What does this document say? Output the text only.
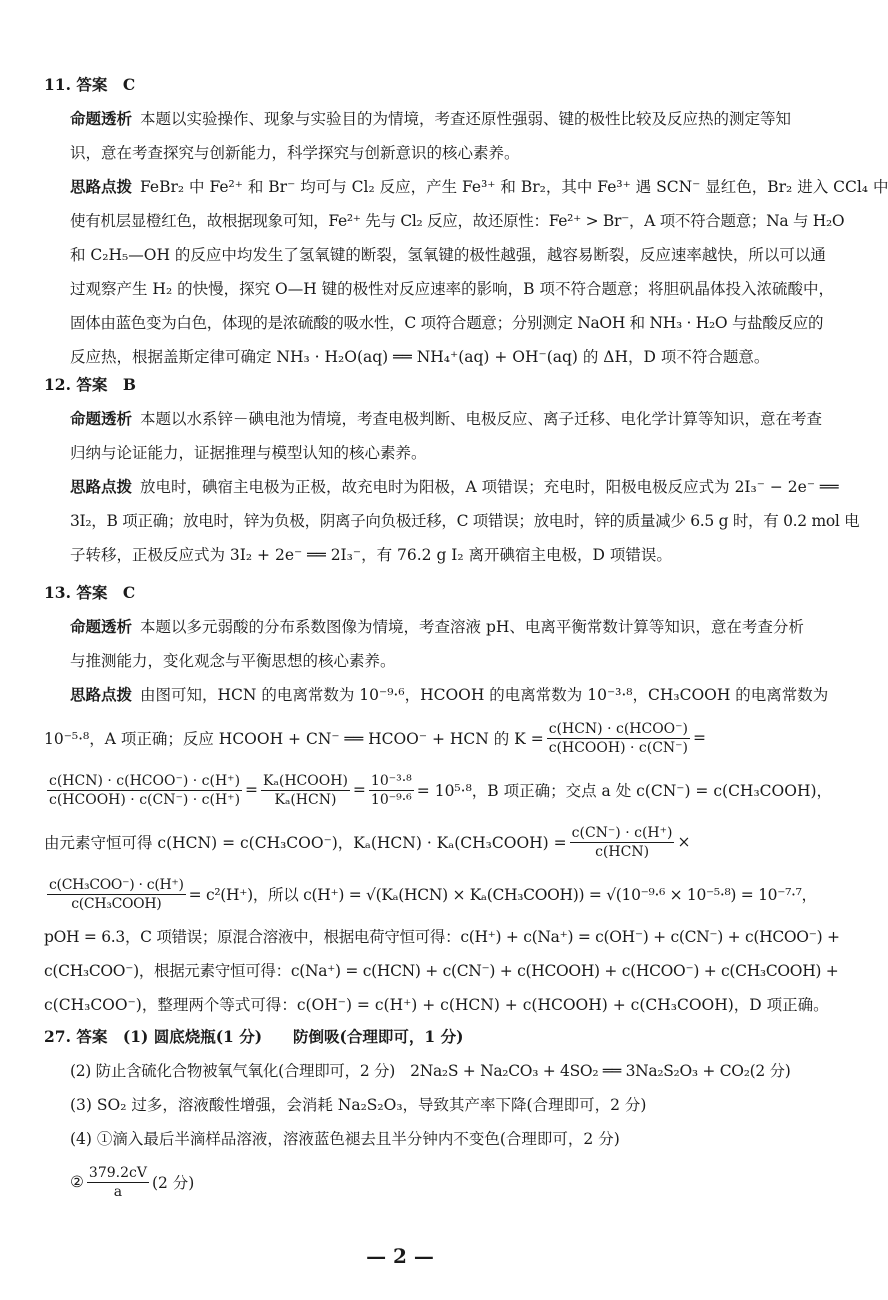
11. 答案　C
命题透析 本题以实验操作、现象与实验目的为情境，考查还原性强弱、键的极性比较及反应热的测定等知
识，意在考查探究与创新能力，科学探究与创新意识的核心素养。
思路点拨 FeBr₂ 中 Fe²⁺ 和 Br⁻ 均可与 Cl₂ 反应，产生 Fe³⁺ 和 Br₂，其中 Fe³⁺ 遇 SCN⁻ 显红色，Br₂ 进入 CCl₄ 中
使有机层显橙红色，故根据现象可知，Fe²⁺ 先与 Cl₂ 反应，故还原性：Fe²⁺ > Br⁻，A 项不符合题意；Na 与 H₂O
和 C₂H₅—OH 的反应中均发生了氢氧键的断裂，氢氧键的极性越强，越容易断裂，反应速率越快，所以可以通
过观察产生 H₂ 的快慢，探究 O—H 键的极性对反应速率的影响，B 项不符合题意；将胆矾晶体投入浓硫酸中，
固体由蓝色变为白色，体现的是浓硫酸的吸水性，C 项符合题意；分别测定 NaOH 和 NH₃ · H₂O 与盐酸反应的
反应热，根据盖斯定律可确定 NH₃ · H₂O(aq) ══ NH₄⁺(aq) + OH⁻(aq) 的 ΔH，D 项不符合题意。
12. 答案　B
命题透析 本题以水系锌－碘电池为情境，考查电极判断、电极反应、离子迁移、电化学计算等知识，意在考查
归纳与论证能力，证据推理与模型认知的核心素养。
思路点拨 放电时，碘宿主电极为正极，故充电时为阳极，A 项错误；充电时，阳极电极反应式为 2I₃⁻ − 2e⁻ ══
3I₂，B 项正确；放电时，锌为负极，阴离子向负极迁移，C 项错误；放电时，锌的质量减少 6.5 g 时，有 0.2 mol 电
子转移，正极反应式为 3I₂ + 2e⁻ ══ 2I₃⁻，有 76.2 g I₂ 离开碘宿主电极，D 项错误。
13. 答案　C
命题透析 本题以多元弱酸的分布系数图像为情境，考查溶液 pH、电离平衡常数计算等知识，意在考查分析
与推测能力，变化观念与平衡思想的核心素养。
思路点拨 由图可知，HCN 的电离常数为 10⁻⁹·⁶，HCOOH 的电离常数为 10⁻³·⁸，CH₃COOH 的电离常数为
10⁻⁵·⁸，A 项正确；反应 HCOOH + CN⁻ ══ HCOO⁻ + HCN 的 $K = \frac{\text{c(HCN) · c(HCOO⁻)}}{\text{c(HCOOH) · c(CN⁻)}}$ =
$\frac{\text{c(HCN) · c(HCOO⁻) · c(H⁺)}}{\text{c(HCOOH) · c(CN⁻) · c(H⁺)}} = \frac{\text{Kₐ(HCOOH)}}{\text{Kₐ(HCN)}} = \frac{\text{10⁻³·⁸}}{\text{10⁻⁹·⁶}} = 10^5\cdot^8$，B 项正确；交点 a 处 c(CN⁻) = c(CH₃COOH)，
由元素守恒可得 c(HCN) = c(CH₃COO⁻)，Kₐ(HCN) · Kₐ(CH₃COOH) = $\frac{c(CN^-) \cdot c(H^+)}{\text{c(HCN)}}$ ×
$\frac{\text{c(CH₃COO⁻) · c(H⁺)}}{\text{c(CH₃COOH)}} = c^2(H^+)$，所以 c(H⁺) = √(Kₐ(HCN) × Kₐ(CH₃COOH)) = √(10⁻⁹·⁶ × 10⁻⁵·⁸) = 10⁻⁷·⁷，
pOH = 6.3，C 项错误；原混合溶液中，根据电荷守恒可得：c(H⁺) + c(Na⁺) = c(OH⁻) + c(CN⁻) + c(HCOO⁻) +
c(CH₃COO⁻)，根据元素守恒可得：c(Na⁺) = c(HCN) + c(CN⁻) + c(HCOOH) + c(HCOO⁻) + c(CH₃COOH) +
c(CH₃COO⁻)，整理两个等式可得：c(OH⁻) = c(H⁺) + c(HCN) + c(HCOOH) + c(CH₃COOH)，D 项正确。
27. 答案　(1) 圆底烧瓶(1 分)　　防倒吸(合理即可，1 分)
(2) 防止含硫化合物被氧气氧化(合理即可，2 分)　2Na₂S + Na₂CO₃ + 4SO₂ ══ 3Na₂S₂O₃ + CO₂(2 分)
(3) SO₂ 过多，溶液酸性增强，会消耗 Na₂S₂O₃，导致其产率下降(合理即可，2 分)
(4) ①滴入最后半滴样品溶液，溶液蓝色褪去且半分钟内不变色(合理即可，2 分)
② $\frac{379.2cV}{a} (2$ 分)
— 2 —
